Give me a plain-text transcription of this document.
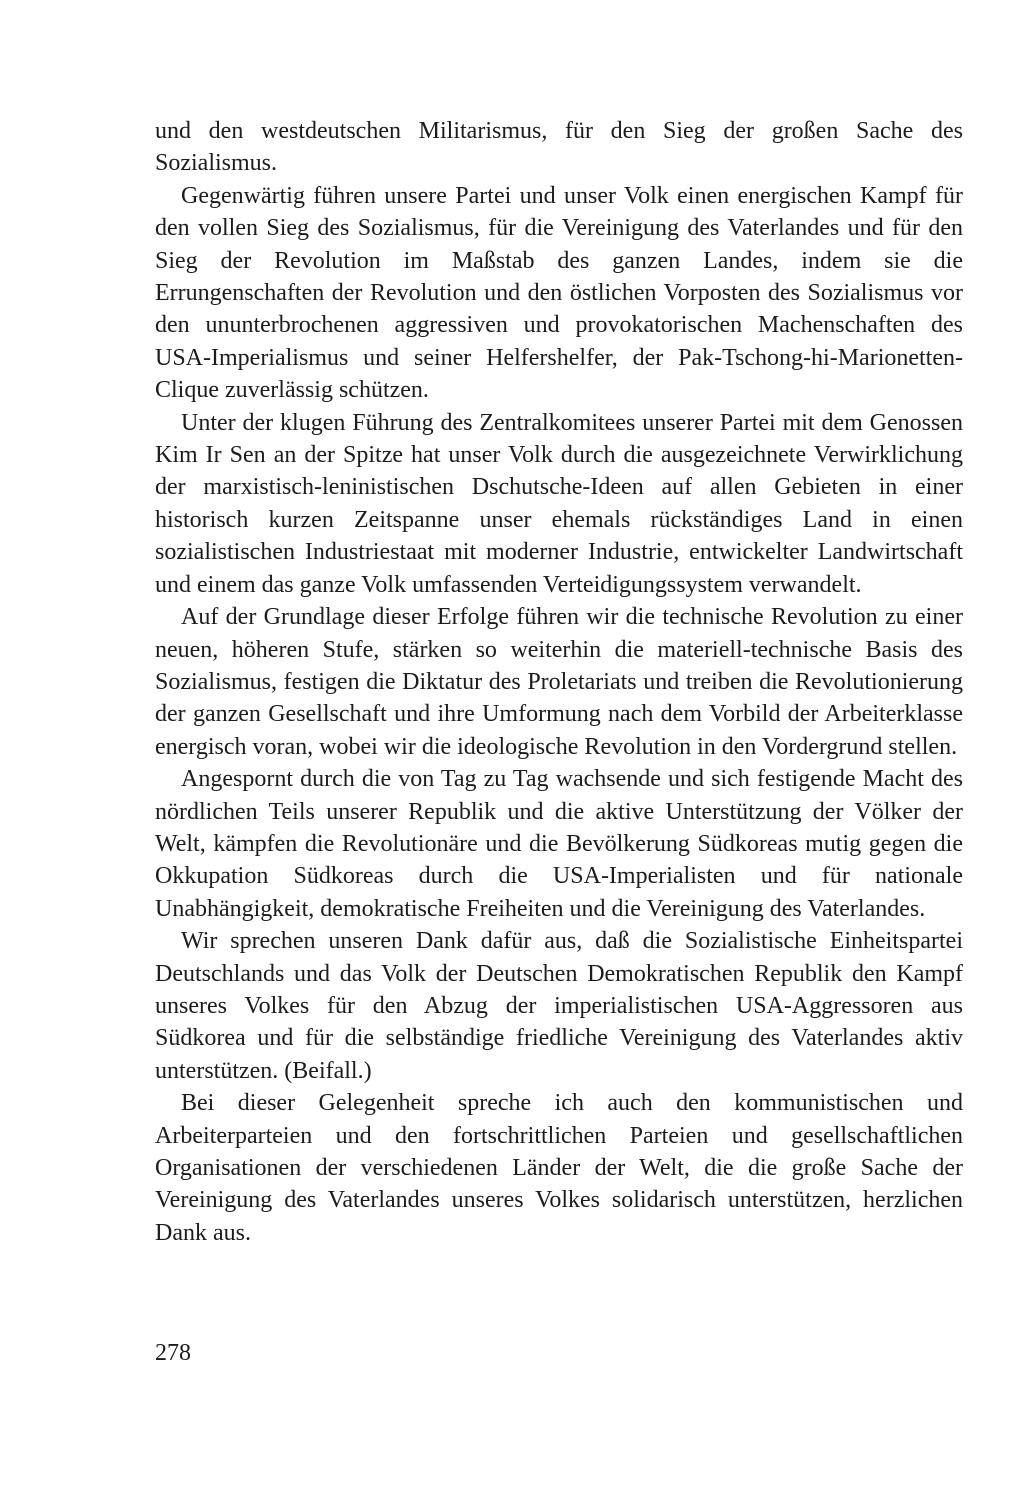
und den westdeutschen Militarismus, für den Sieg der großen Sache des Sozialismus.

Gegenwärtig führen unsere Partei und unser Volk einen energischen Kampf für den vollen Sieg des Sozialismus, für die Vereinigung des Vaterlandes und für den Sieg der Revolution im Maßstab des ganzen Landes, indem sie die Errungenschaften der Revolution und den östlichen Vorposten des Sozialismus vor den ununterbrochenen aggressiven und provokatorischen Machenschaften des USA-Imperialismus und seiner Helfershelfer, der Pak-Tschong-hi-Marionetten-Clique zuverlässig schützen.

Unter der klugen Führung des Zentralkomitees unserer Partei mit dem Genossen Kim Ir Sen an der Spitze hat unser Volk durch die ausgezeichnete Verwirklichung der marxistisch-leninistischen Dschutsche-Ideen auf allen Gebieten in einer historisch kurzen Zeitspanne unser ehemals rückständiges Land in einen sozialistischen Industriestaat mit moderner Industrie, entwickelter Landwirtschaft und einem das ganze Volk umfassenden Verteidigungssystem verwandelt.

Auf der Grundlage dieser Erfolge führen wir die technische Revolution zu einer neuen, höheren Stufe, stärken so weiterhin die materiell-technische Basis des Sozialismus, festigen die Diktatur des Proletariats und treiben die Revolutionierung der ganzen Gesellschaft und ihre Umformung nach dem Vorbild der Arbeiterklasse energisch voran, wobei wir die ideologische Revolution in den Vordergrund stellen.

Angespornt durch die von Tag zu Tag wachsende und sich festigende Macht des nördlichen Teils unserer Republik und die aktive Unterstützung der Völker der Welt, kämpfen die Revolutionäre und die Bevölkerung Südkoreas mutig gegen die Okkupation Südkoreas durch die USA-Imperialisten und für nationale Unabhängigkeit, demokratische Freiheiten und die Vereinigung des Vaterlandes.

Wir sprechen unseren Dank dafür aus, daß die Sozialistische Einheitspartei Deutschlands und das Volk der Deutschen Demokratischen Republik den Kampf unseres Volkes für den Abzug der imperialistischen USA-Aggressoren aus Südkorea und für die selbständige friedliche Vereinigung des Vaterlandes aktiv unterstützen. (Beifall.)

Bei dieser Gelegenheit spreche ich auch den kommunistischen und Arbeiterparteien und den fortschrittlichen Parteien und gesellschaftlichen Organisationen der verschiedenen Länder der Welt, die die große Sache der Vereinigung des Vaterlandes unseres Volkes solidarisch unterstützen, herzlichen Dank aus.

278
